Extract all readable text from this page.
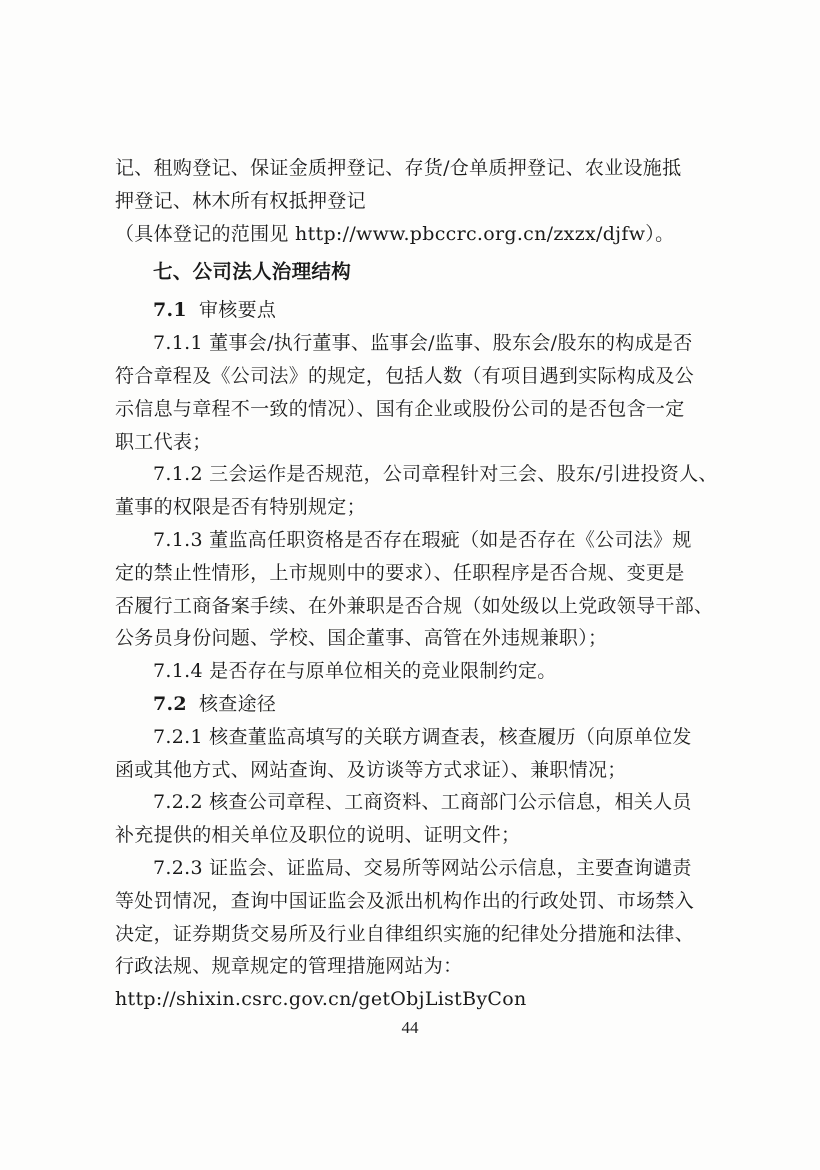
记、租购登记、保证金质押登记、存货/仓单质押登记、农业设施抵
押登记、林木所有权抵押登记
（具体登记的范围见 http://www.pbccrc.org.cn/zxzx/djfw）。
七、公司法人治理结构
7.1 审核要点
7.1.1 董事会/执行董事、监事会/监事、股东会/股东的构成是否
符合章程及《公司法》的规定，包括人数（有项目遇到实际构成及公
示信息与章程不一致的情况）、国有企业或股份公司的是否包含一定
职工代表；
7.1.2 三会运作是否规范，公司章程针对三会、股东/引进投资人、
董事的权限是否有特别规定；
7.1.3 董监高任职资格是否存在瑕疵（如是否存在《公司法》规
定的禁止性情形，上市规则中的要求）、任职程序是否合规、变更是
否履行工商备案手续、在外兼职是否合规（如处级以上党政领导干部、
公务员身份问题、学校、国企董事、高管在外违规兼职）；
7.1.4 是否存在与原单位相关的竞业限制约定。
7.2 核查途径
7.2.1 核查董监高填写的关联方调查表，核查履历（向原单位发
函或其他方式、网站查询、及访谈等方式求证）、兼职情况；
7.2.2 核查公司章程、工商资料、工商部门公示信息，相关人员
补充提供的相关单位及职位的说明、证明文件；
7.2.3 证监会、证监局、交易所等网站公示信息，主要查询谴责
等处罚情况，查询中国证监会及派出机构作出的行政处罚、市场禁入
决定，证券期货交易所及行业自律组织实施的纪律处分措施和法律、
行政法规、规章规定的管理措施网站为：
http://shixin.csrc.gov.cn/getObjListByCon
44
